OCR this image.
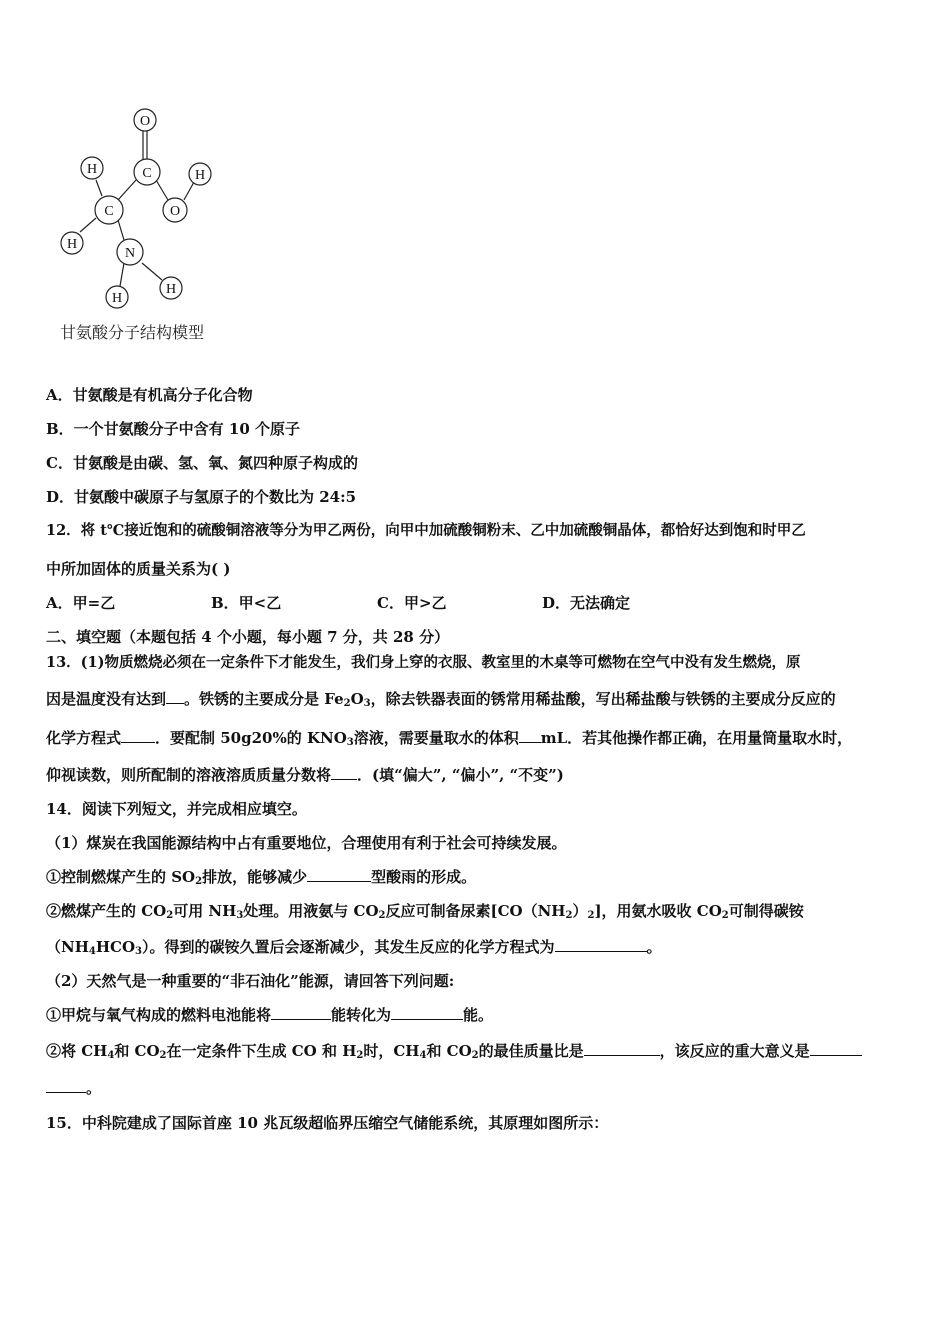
O
C	H
H
O
C
H
N
H
H
甘氨酸分子结构模型
A．甘氨酸是有机高分子化合物
B．一个甘氨酸分子中含有 10 个原子
C．甘氨酸是由碳、氢、氧、氮四种原子构成的
D．甘氨酸中碳原子与氢原子的个数比为 24:5
12．将 t℃接近饱和的硫酸铜溶液等分为甲乙两份，向甲中加硫酸铜粉末、乙中加硫酸铜晶体，都恰好达到饱和时甲乙
中所加固体的质量关系为( )
A．甲=乙	B．甲<乙	C．甲>乙	D．无法确定
二、填空题（本题包括 4 个小题，每小题 7 分，共 28 分）
13．(1)物质燃烧必须在一定条件下才能发生，我们身上穿的衣服、教室里的木桌等可燃物在空气中没有发生燃烧，原
因是温度没有达到 。铁锈的主要成分是 $Fe_2O_3$，除去铁器表面的锈常用稀盐酸，写出稀盐酸与铁锈的主要成分反应的
化学方程式 ．要配制 50g20%的 $KNO_3$溶液，需要量取水的体积 mL．若其他操作都正确，在用量筒量取水时，
仰视读数，则所配制的溶液溶质质量分数将 ．(填“偏大”, “偏小”, “不变”)
14．阅读下列短文，并完成相应填空。
（1）煤炭在我国能源结构中占有重要地位，合理使用有利于社会可持续发展。
①控制燃煤产生的 $SO_2$排放，能够减少	型酸雨的形成。
②燃煤产生的 $CO_2$可用 $NH_3$处理。用液氨与 $CO_2$反应可制备尿素$[CO(NH_2)_2]$，用氨水吸收 $CO_2$可制得碳铵
$(NH_4HCO_3)$。得到的碳铵久置后会逐渐减少，其发生反应的化学方程式为	。
（2）天然气是一种重要的“非石油化”能源，请回答下列问题:
①甲烷与氧气构成的燃料电池能将	能转化为	能。
②将 $CH_4$和 $CO_2$在一定条件下生成 CO 和 $H_2$时，$CH_4$和 $CO_2$的最佳质量比是	，该反应的重大意义是
。
15．中科院建成了国际首座 10 兆瓦级超临界压缩空气储能系统，其原理如图所示：
